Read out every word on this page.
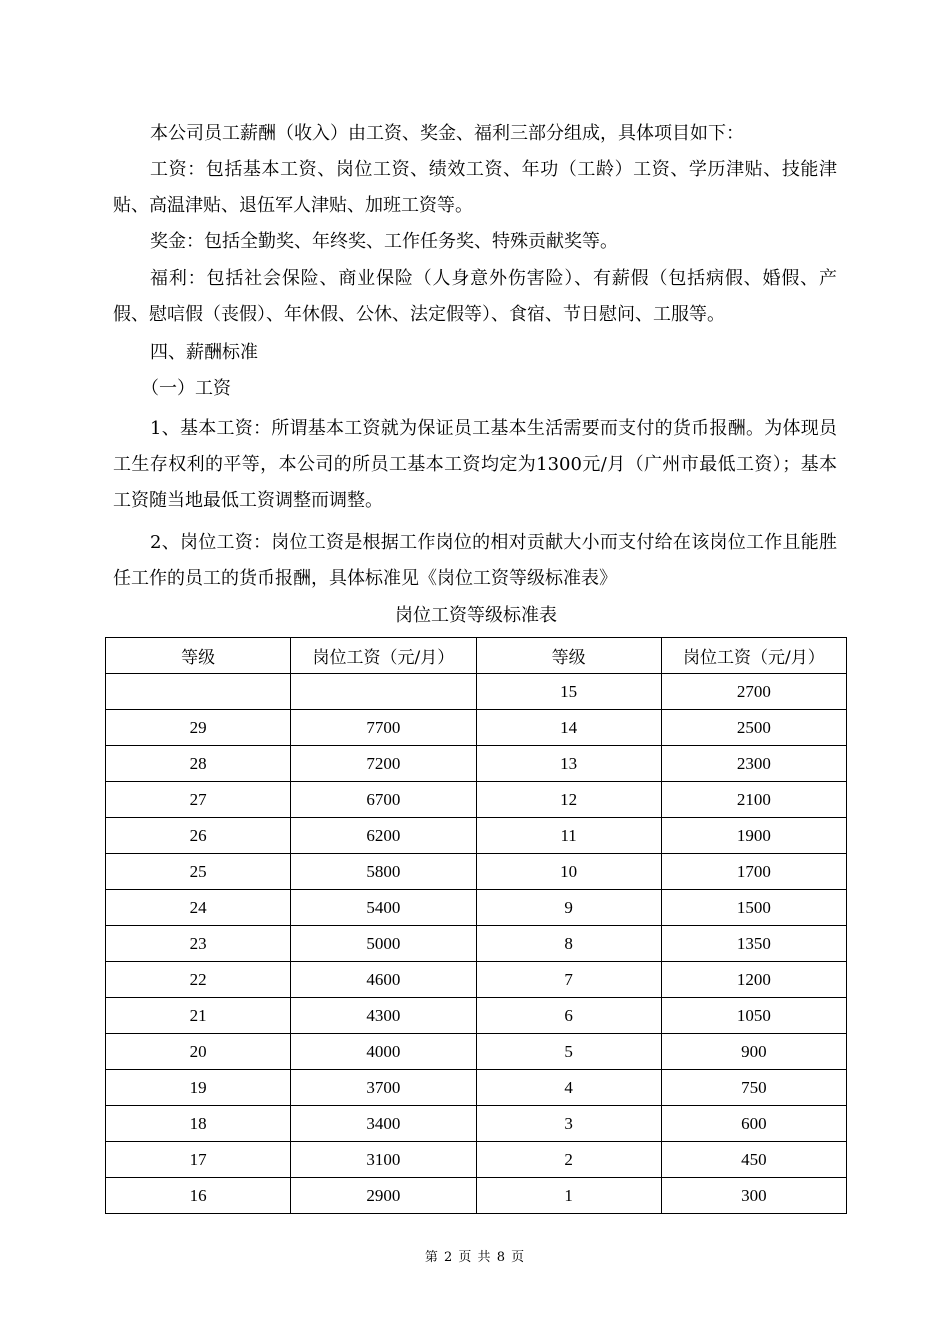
本公司员工薪酬（收入）由工资、奖金、福利三部分组成，具体项目如下：

工资：包括基本工资、岗位工资、绩效工资、年功（工龄）工资、学历津贴、技能津贴、高温津贴、退伍军人津贴、加班工资等。

奖金：包括全勤奖、年终奖、工作任务奖、特殊贡献奖等。

福利：包括社会保险、商业保险（人身意外伤害险）、有薪假（包括病假、婚假、产假、慰唁假（丧假）、年休假、公休、法定假等）、食宿、节日慰问、工服等。

四、薪酬标准

（一）工资

1、基本工资：所谓基本工资就为保证员工基本生活需要而支付的货币报酬。为体现员工生存权利的平等，本公司的所员工基本工资均定为1300元/月（广州市最低工资）；基本工资随当地最低工资调整而调整。

2、岗位工资：岗位工资是根据工作岗位的相对贡献大小而支付给在该岗位工作且能胜任工作的员工的货币报酬，具体标准见《岗位工资等级标准表》

岗位工资等级标准表
等级	岗位工资（元/月）	等级	岗位工资（元/月）
		15	2700
29	7700	14	2500
28	7200	13	2300
27	6700	12	2100
26	6200	11	1900
25	5800	10	1700
24	5400	9	1500
23	5000	8	1350
22	4600	7	1200
21	4300	6	1050
20	4000	5	900
19	3700	4	750
18	3400	3	600
17	3100	2	450
16	2900	1	300
第 2 页 共 8 页
